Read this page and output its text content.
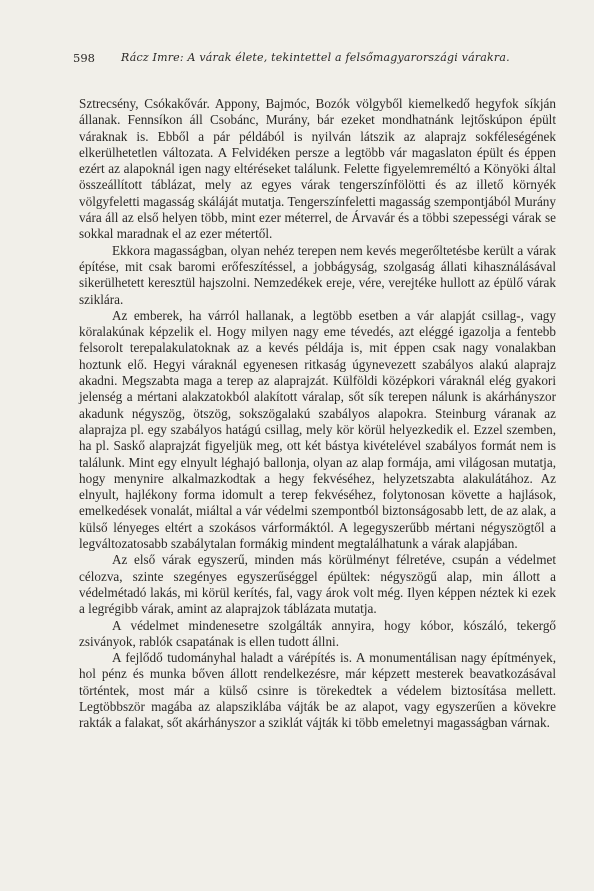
598 Rácz Imre: A várak élete, tekintettel a felsőmagyarországi várakra.

Sztrecsény, Csókakővár. Appony, Bajmóc, Bozók völgyből kiemelkedő hegyfok síkján állanak. Fennsíkon áll Csobánc, Murány, bár ezeket mondhatnánk lejtőskúpon épült váraknak is. Ebből a pár példából is nyilván látszik az alaprajz sokféleségének elkerülhetetlen változata. A Felvidéken persze a legtöbb vár magaslaton épült és éppen ezért az alapoknál igen nagy eltéréseket találunk. Felette figyelemreméltó a Könyöki által összeállított táblázat, mely az egyes várak tengerszínfölötti és az illető környék völgyfeletti magasság skáláját mutatja. Tengerszínfeletti magasság szempontjából Murány vára áll az első helyen több, mint ezer méterrel, de Árvavár és a többi szepességi várak se sokkal maradnak el az ezer métertől.

Ekkora magasságban, olyan nehéz terepen nem kevés megerőltetésbe került a várak építése, mit csak baromi erőfeszítéssel, a jobbágyság, szolgaság állati kihasználásával sikerülhetett keresztül hajszolni. Nemzedékek ereje, vére, verejtéke hullott az épülő várak sziklára.

Az emberek, ha várról hallanak, a legtöbb esetben a vár alapját csillag-, vagy köralakúnak képzelik el. Hogy milyen nagy eme tévedés, azt eléggé igazolja a fentebb felsorolt terepalakulatoknak az a kevés példája is, mit éppen csak nagy vonalakban hoztunk elő. Hegyi váraknál egyenesen ritkaság úgynevezett szabályos alakú alaprajz akadni. Megszabta maga a terep az alaprajzát. Külföldi középkori váraknál elég gyakori jelenség a mértani alakzatokból alakított váralap, sőt sík terepen nálunk is akárhányszor akadunk négyszög, ötszög, sokszögalakú szabályos alapokra. Steinburg váranak az alaprajza pl. egy szabályos hatágú csillag, mely kör körül helyezkedik el. Ezzel szemben, ha pl. Saskő alaprajzát figyeljük meg, ott két bástya kivételével szabályos formát nem is találunk. Mint egy elnyult léghajó ballonja, olyan az alap formája, ami világosan mutatja, hogy menynire alkalmazkodtak a hegy fekvéséhez, helyzetszabta alakulátához. Az elnyult, hajlékony forma idomult a terep fekvéséhez, folytonosan követte a hajlások, emelkedések vonalát, miáltal a vár védelmi szempontból biztonságosabb lett, de az alak, a külső lényeges eltért a szokásos várformáktól. A legegyszerűbb mértani négyszögtől a legváltozatosabb szabálytalan formákig mindent megtalálhatunk a várak alapjában.

Az első várak egyszerű, minden más körülményt félretéve, csupán a védelmet célozva, szinte szegényes egyszerűséggel épültek: négyszögű alap, min állott a védelmétadó lakás, mi körül kerítés, fal, vagy árok volt még. Ilyen képpen néztek ki ezek a legrégibb várak, amint az alaprajzok táblázata mutatja.

A védelmet mindenesetre szolgálták annyira, hogy kóbor, kószáló, tekergő zsiványok, rablók csapatának is ellen tudott állni.

A fejlődő tudományhal haladt a várépítés is. A monumentálisan nagy építmények, hol pénz és munka bőven állott rendelkezésre, már képzett mesterek beavatkozásával történtek, most már a külső csinre is törekedtek a védelem biztosítása mellett. Legtöbbször magába az alapsziklába vájták be az alapot, vagy egyszerűen a kövekre rakták a falakat, sőt akárhányszor a sziklát vájták ki több emeletnyi magasságban várnak.
